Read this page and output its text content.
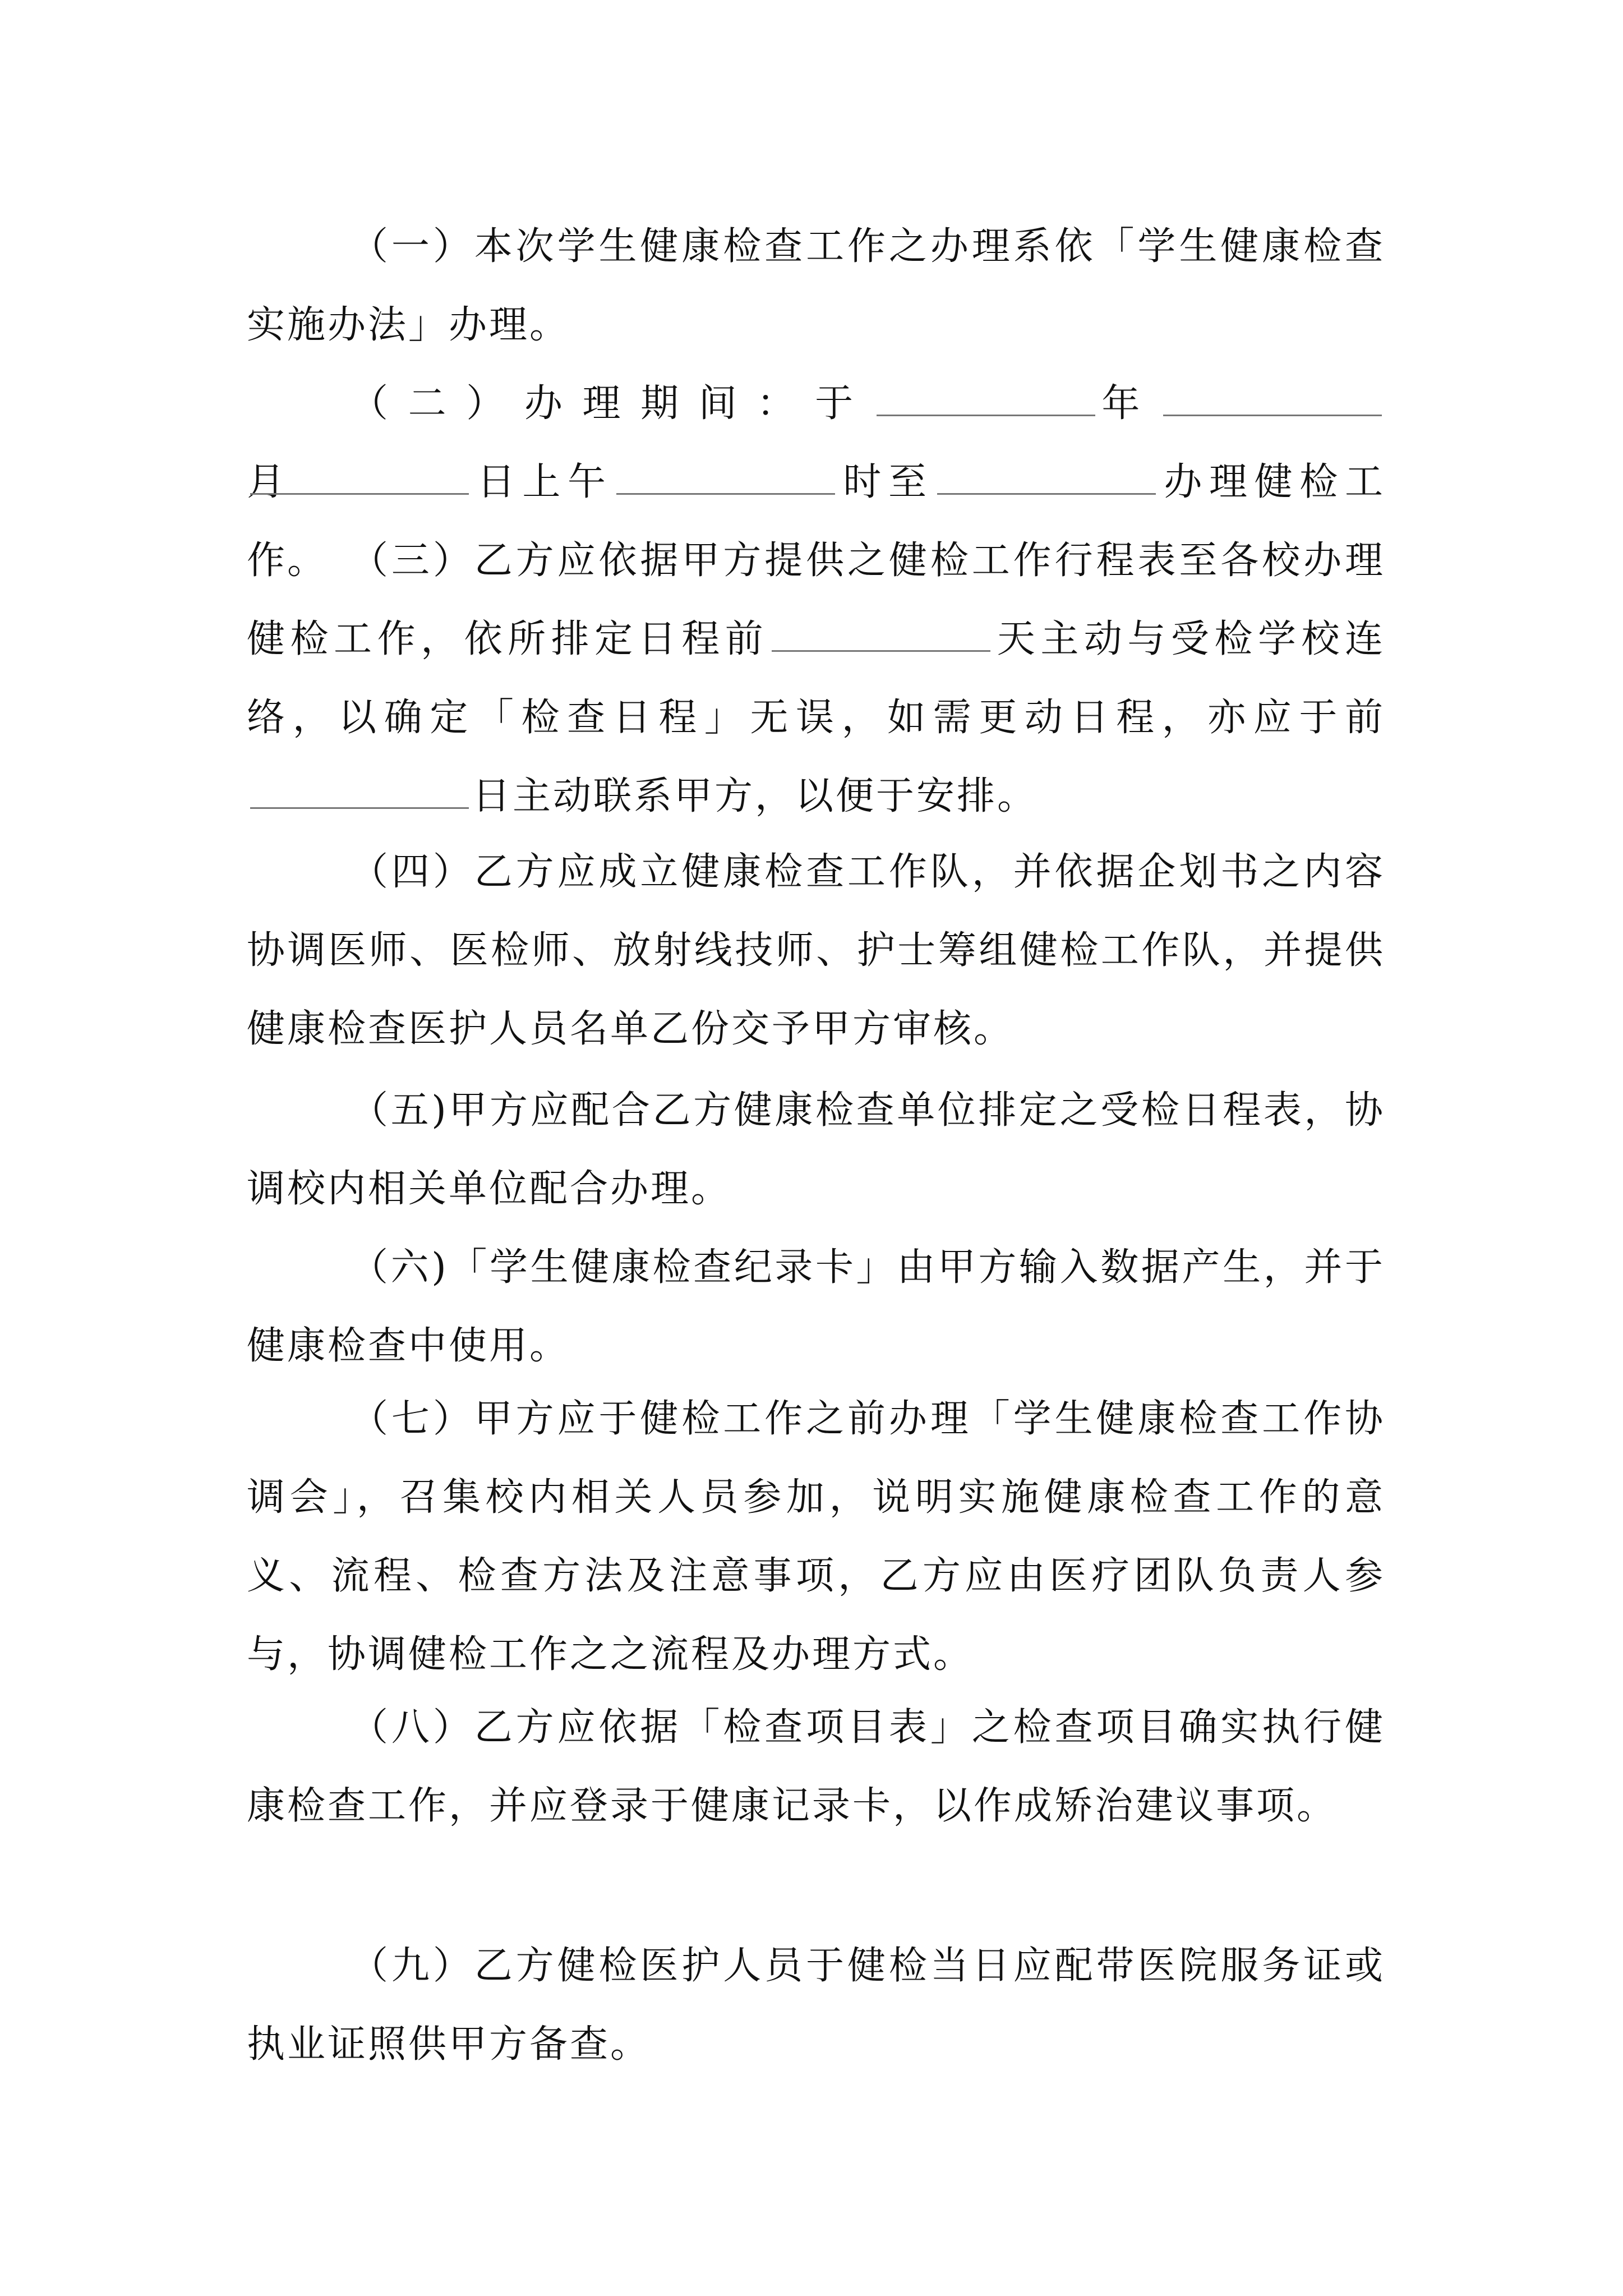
（一）本次学生健康检查工作之办理系依「学生健康检查实施办法」办理。

（二）办理期间：于	年月	日上午	时至	办理健检工作。 （三）乙方应依据甲方提供之健检工作行程表至各校办理健检工作，依所排定日程前	天主动与受检学校连络，以确定「检查日程」无误，如需更动日程，亦应于前日主动联系甲方，以便于安排。

（四）乙方应成立健康检查工作队，并依据企划书之内容协调医师、医检师、放射线技师、护士筹组健检工作队，并提供健康检查医护人员名单乙份交予甲方审核。

（五)甲方应配合乙方健康检查单位排定之受检日程表，协调校内相关单位配合办理。

（六)「学生健康检查纪录卡」由甲方输入数据产生，并于健康检查中使用。

（七）甲方应于健检工作之前办理「学生健康检查工作协调会」，召集校内相关人员参加，说明实施健康检查工作的意义、流程、检查方法及注意事项，乙方应由医疗团队负责人参与，协调健检工作之之流程及办理方式。

（八）乙方应依据「检查项目表」之检查项目确实执行健康检查工作，并应登录于健康记录卡，以作成矫治建议事项。

（九）乙方健检医护人员于健检当日应配带医院服务证或执业证照供甲方备查。
